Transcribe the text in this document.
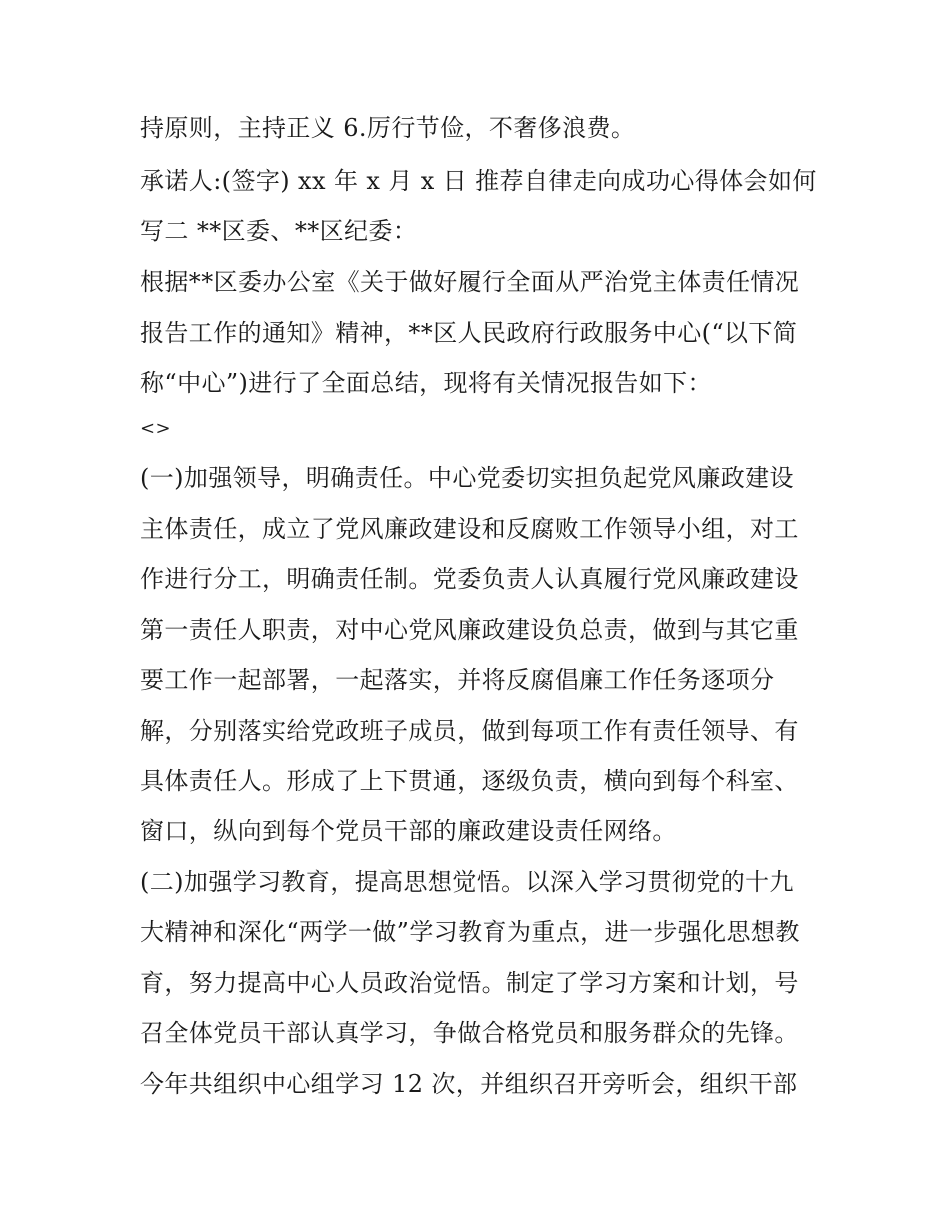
持原则，主持正义 6.厉行节俭，不奢侈浪费。
承诺人:(签字) xx 年 x 月 x 日 推荐自律走向成功心得体会如何
写二 **区委、**区纪委：
根据**区委办公室《关于做好履行全面从严治党主体责任情况
报告工作的通知》精神，**区人民政府行政服务中心(“以下简
称“中心”)进行了全面总结，现将有关情况报告如下：
<>
(一)加强领导，明确责任。中心党委切实担负起党风廉政建设
主体责任，成立了党风廉政建设和反腐败工作领导小组，对工
作进行分工，明确责任制。党委负责人认真履行党风廉政建设
第一责任人职责，对中心党风廉政建设负总责，做到与其它重
要工作一起部署，一起落实，并将反腐倡廉工作任务逐项分
解，分别落实给党政班子成员，做到每项工作有责任领导、有
具体责任人。形成了上下贯通，逐级负责，横向到每个科室、
窗口，纵向到每个党员干部的廉政建设责任网络。
(二)加强学习教育，提高思想觉悟。以深入学习贯彻党的十九
大精神和深化“两学一做”学习教育为重点，进一步强化思想教
育，努力提高中心人员政治觉悟。制定了学习方案和计划，号
召全体党员干部认真学习，争做合格党员和服务群众的先锋。
今年共组织中心组学习 12 次，并组织召开旁听会，组织干部
